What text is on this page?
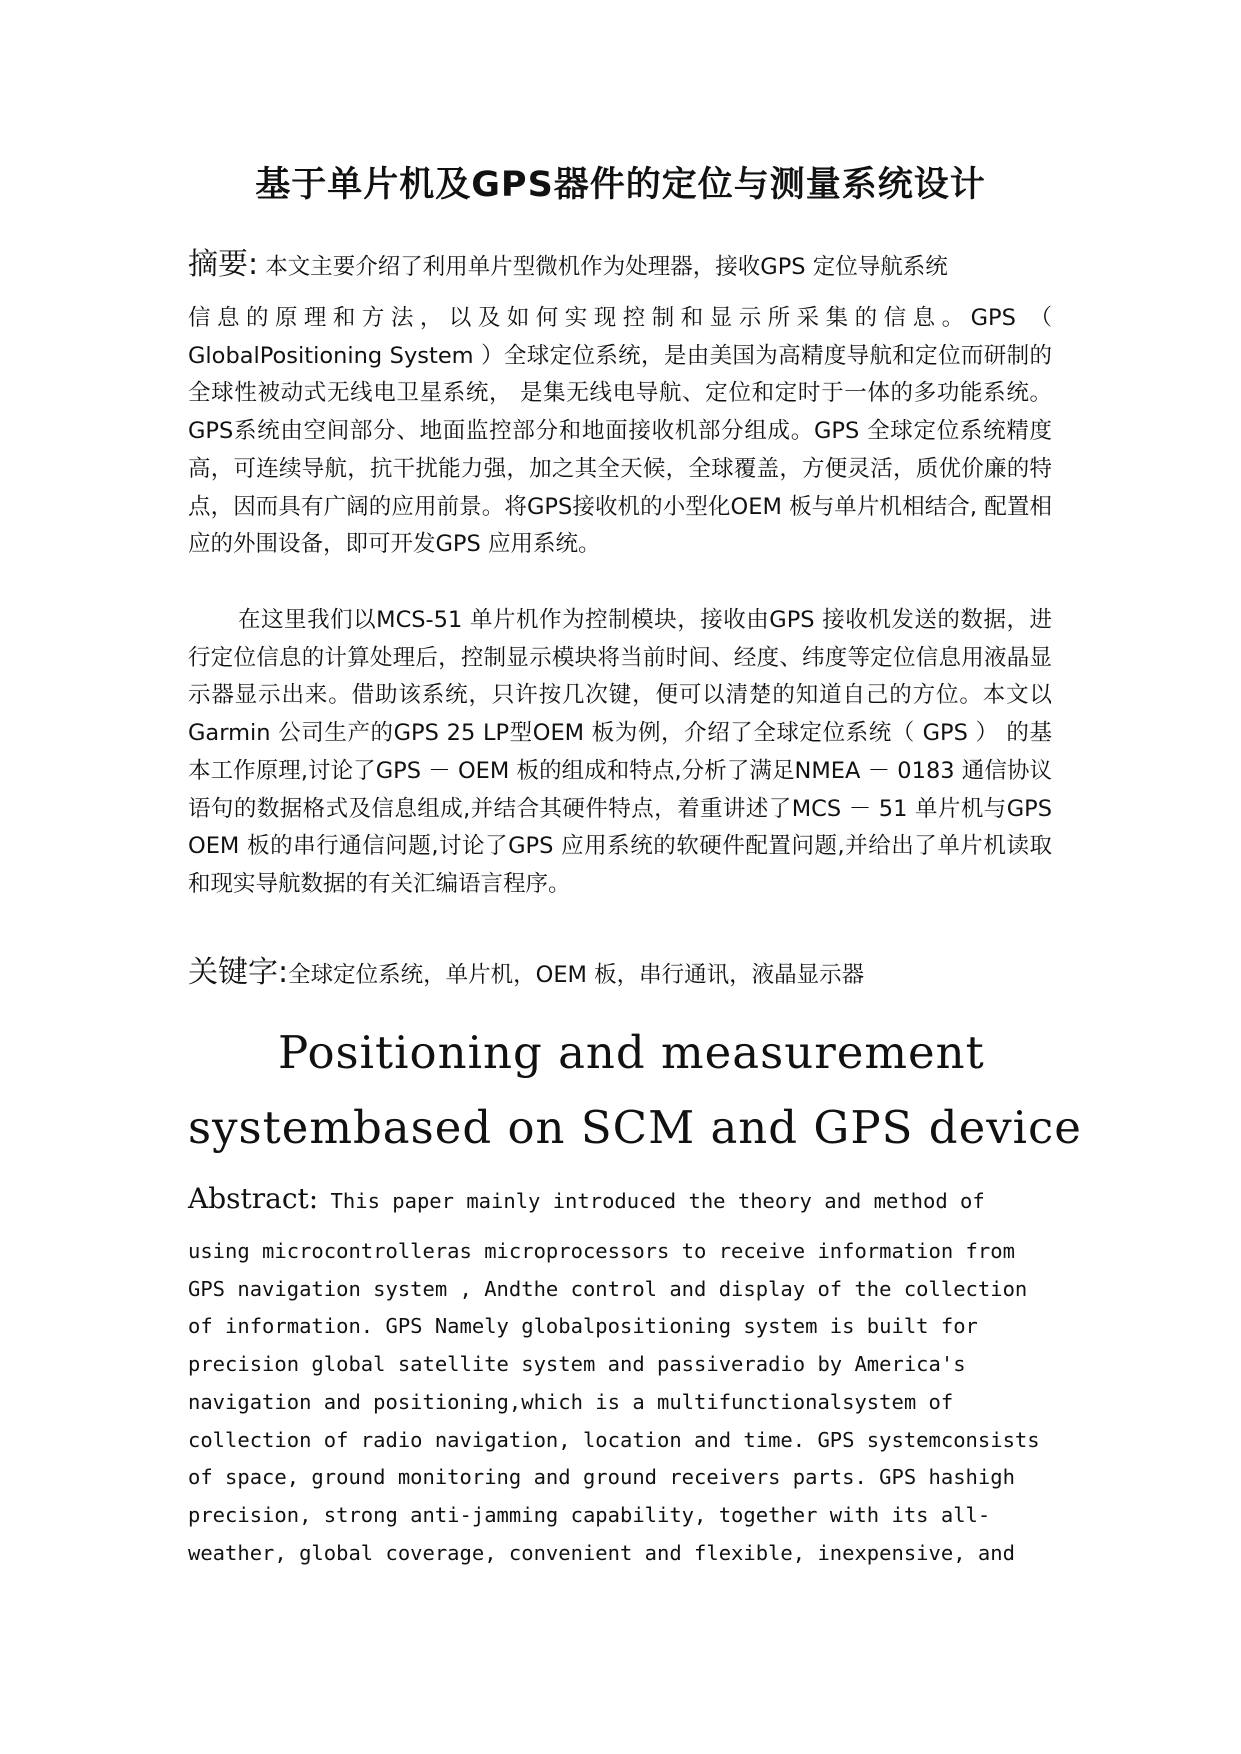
基于单片机及GPS器件的定位与测量系统设计

摘要: 本文主要介绍了利用单片型微机作为处理器，接收GPS 定位导航系统

信息的原理和方法，以及如何实现控制和显示所采集的信息。GPS （ GlobalPositioning System ）全球定位系统，是由美国为高精度导航和定位而研制的全球性被动式无线电卫星系统， 是集无线电导航、定位和定时于一体的多功能系统。GPS系统由空间部分、地面监控部分和地面接收机部分组成。GPS 全球定位系统精度高，可连续导航，抗干扰能力强，加之其全天候，全球覆盖，方便灵活，质优价廉的特点，因而具有广阔的应用前景。将GPS接收机的小型化OEM 板与单片机相结合, 配置相应的外围设备，即可开发GPS 应用系统。

在这里我们以MCS-51 单片机作为控制模块，接收由GPS 接收机发送的数据，进行定位信息的计算处理后，控制显示模块将当前时间、经度、纬度等定位信息用液晶显示器显示出来。借助该系统，只许按几次键，便可以清楚的知道自己的方位。本文以Garmin 公司生产的GPS 25 LP型OEM 板为例，介绍了全球定位系统（ GPS ） 的基本工作原理,讨论了GPS － OEM 板的组成和特点,分析了满足NMEA － 0183 通信协议语句的数据格式及信息组成,并结合其硬件特点，着重讲述了MCS － 51 单片机与GPS OEM 板的串行通信问题,讨论了GPS 应用系统的软硬件配置问题,并给出了单片机读取和现实导航数据的有关汇编语言程序。

关键字:全球定位系统，单片机，OEM 板，串行通讯，液晶显示器

Positioning and measurement
systembased on SCM and GPS device
Abstract: This paper mainly introduced the theory and method of
using microcontrolleras microprocessors to receive information from
GPS navigation system , Andthe control and display of the collection
of information. GPS Namely globalpositioning system is built for
precision global satellite system and passiveradio by America's
navigation and positioning,which is a multifunctionalsystem of
collection of radio navigation, location and time. GPS systemconsists
of space, ground monitoring and ground receivers parts. GPS hashigh
precision, strong anti-jamming capability, together with its all-
weather, global coverage, convenient and flexible, inexpensive, and
